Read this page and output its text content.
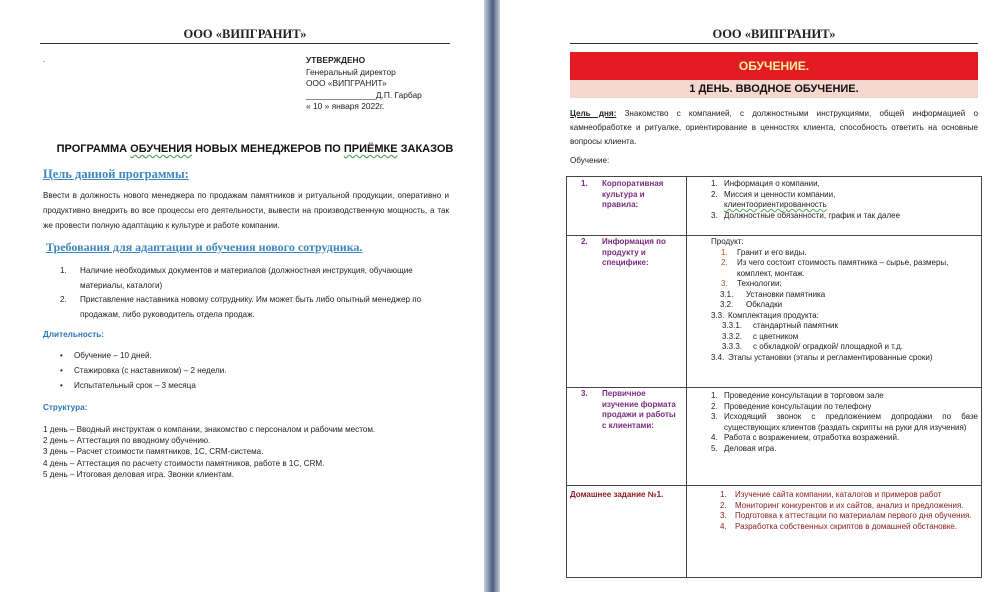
ООО «ВИПГРАНИТ»
.	УТВЕРЖДЕНО
Генеральный директор
ООО «ВИПГРАНИТ»
_______________Д.П. Гарбар
« 10 » января 2022г.
ПРОГРАММА ОБУЧЕНИЯ НОВЫХ МЕНЕДЖЕРОВ ПО ПРИЁМКЕ ЗАКАЗОВ
Цель данной программы:
Ввести в должность нового менеджера по продажам памятников и ритуальной продукции, оперативно и продуктивно внедрить во все процессы его деятельности, вывести на производственную мощность, а так же провести полную адаптацию к культуре и работе компании.
Требования для адаптации и обучения нового сотрудника.
1. Наличие необходимых документов и материалов (должностная инструкция, обучающие материалы, каталоги)
2. Приставление наставника новому сотруднику. Им может быть либо опытный менеджер по продажам, либо руководитель отдела продаж.
Длительность:
• Обучение – 10 дней.
• Стажировка (с наставником) – 2 недели.
• Испытательный срок – 3 месяца
Структура:
1 день – Вводный инструктаж о компании, знакомство с персоналом и рабочим местом.
2 день – Аттестация по вводному обучению.
3 день – Расчет стоимости памятников, 1С, CRM-система.
4 день – Аттестация по расчету стоимости памятников, работе в 1С, CRM.
5 день – Итоговая деловая игра. Звонки клиентам.
ООО «ВИПГРАНИТ»
ОБУЧЕНИЕ.
1 ДЕНЬ. ВВОДНОЕ ОБУЧЕНИЕ.
Цель дня: Знакомство с компанией, с должностными инструкциями, общей информацией о камнеобработке и ритуалке, ориентирование в ценностях клиента, способность ответить на основные вопросы клиента.
Обучение:
1. Корпоративная культура и правила:
1. Информация о компании,
2. Миссия и ценности компании,
клиентоориентированность
3. Должностные обязанности, график и так далее
2. Информация по продукту и специфике:
Продукт:
1. Гранит и его виды.
2. Из чего состоит стоимость памятника – сырье, размеры, комплект, монтаж.
3. Технологии:
3.1. Установки памятника
3.2. Обкладки
3.3. Комплектация продукта:
3.3.1. стандартный памятник
3.3.2. с цветником
3.3.3. с обкладкой/ оградкой/ площадкой и т.д.
3.4. Этапы установки (этапы и регламентированные сроки)
3. Первичное изучение формата продажи и работы с клиентами:
1. Проведение консультации в торговом зале
2. Проведение консультации по телефону
3. Исходящий звонок с предложением допродажи по базе существующих клиентов (раздать скрипты на руки для изучения)
4. Работа с возражением, отработка возражений.
5. Деловая игра.
Домашнее задание №1.	1. Изучение сайта компании, каталогов и примеров работ
2. Мониторинг конкурентов и их сайтов, анализ и предложения.
3. Подготовка к аттестации по материалам первого дня обучения.
4. Разработка собственных скриптов в домашней обстановке.
